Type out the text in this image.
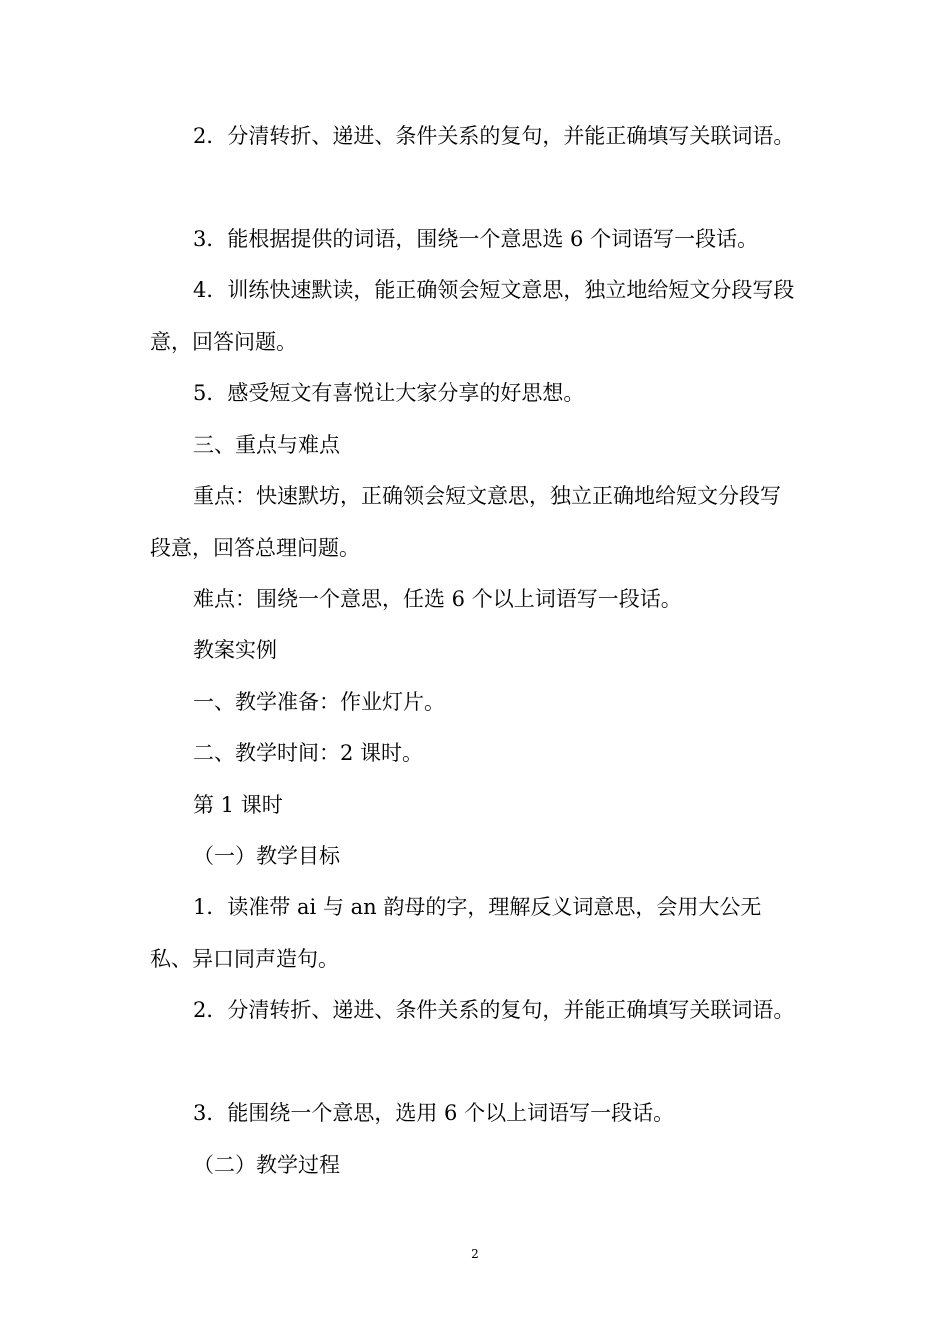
2．分清转折、递进、条件关系的复句，并能正确填写关联词语。

3．能根据提供的词语，围绕一个意思选 6 个词语写一段话。

4．训练快速默读，能正确领会短文意思，独立地给短文分段写段意，回答问题。

5．感受短文有喜悦让大家分享的好思想。

三、重点与难点

重点：快速默坊，正确领会短文意思，独立正确地给短文分段写段意，回答总理问题。

难点：围绕一个意思，任选 6 个以上词语写一段话。

教案实例

一、教学准备：作业灯片。

二、教学时间：2 课时。

第 1 课时

（一）教学目标

1．读准带 ai 与 an 韵母的字，理解反义词意思，会用大公无私、异口同声造句。

2．分清转折、递进、条件关系的复句，并能正确填写关联词语。

3．能围绕一个意思，选用 6 个以上词语写一段话。

（二）教学过程

2
